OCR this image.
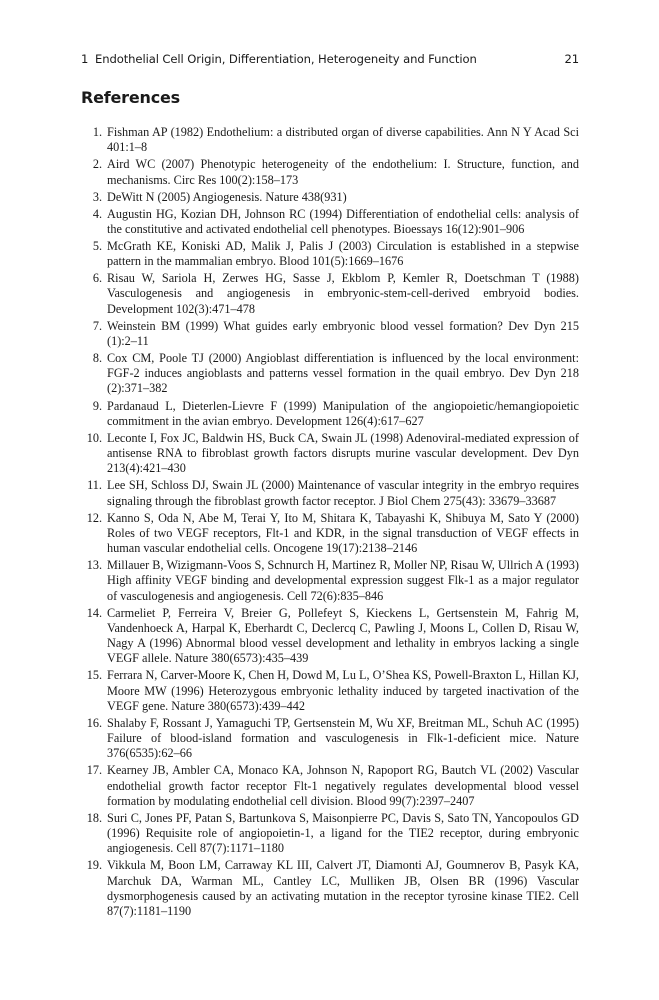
1 Endothelial Cell Origin, Differentiation, Heterogeneity and Function	21
References
1. Fishman AP (1982) Endothelium: a distributed organ of diverse capabilities. Ann N Y Acad Sci 401:1–8
2. Aird WC (2007) Phenotypic heterogeneity of the endothelium: I. Structure, function, and mechanisms. Circ Res 100(2):158–173
3. DeWitt N (2005) Angiogenesis. Nature 438(931)
4. Augustin HG, Kozian DH, Johnson RC (1994) Differentiation of endothelial cells: analysis of the constitutive and activated endothelial cell phenotypes. Bioessays 16(12):901–906
5. McGrath KE, Koniski AD, Malik J, Palis J (2003) Circulation is established in a stepwise pattern in the mammalian embryo. Blood 101(5):1669–1676
6. Risau W, Sariola H, Zerwes HG, Sasse J, Ekblom P, Kemler R, Doetschman T (1988) Vasculogenesis and angiogenesis in embryonic-stem-cell-derived embryoid bodies. Development 102(3):471–478
7. Weinstein BM (1999) What guides early embryonic blood vessel formation? Dev Dyn 215 (1):2–11
8. Cox CM, Poole TJ (2000) Angioblast differentiation is influenced by the local environment: FGF-2 induces angioblasts and patterns vessel formation in the quail embryo. Dev Dyn 218 (2):371–382
9. Pardanaud L, Dieterlen-Lievre F (1999) Manipulation of the angiopoietic/hemangiopoietic commitment in the avian embryo. Development 126(4):617–627
10. Leconte I, Fox JC, Baldwin HS, Buck CA, Swain JL (1998) Adenoviral-mediated expression of antisense RNA to fibroblast growth factors disrupts murine vascular development. Dev Dyn 213(4):421–430
11. Lee SH, Schloss DJ, Swain JL (2000) Maintenance of vascular integrity in the embryo requires signaling through the fibroblast growth factor receptor. J Biol Chem 275(43): 33679–33687
12. Kanno S, Oda N, Abe M, Terai Y, Ito M, Shitara K, Tabayashi K, Shibuya M, Sato Y (2000) Roles of two VEGF receptors, Flt-1 and KDR, in the signal transduction of VEGF effects in human vascular endothelial cells. Oncogene 19(17):2138–2146
13. Millauer B, Wizigmann-Voos S, Schnurch H, Martinez R, Moller NP, Risau W, Ullrich A (1993) High affinity VEGF binding and developmental expression suggest Flk-1 as a major regulator of vasculogenesis and angiogenesis. Cell 72(6):835–846
14. Carmeliet P, Ferreira V, Breier G, Pollefeyt S, Kieckens L, Gertsenstein M, Fahrig M, Vandenhoeck A, Harpal K, Eberhardt C, Declercq C, Pawling J, Moons L, Collen D, Risau W, Nagy A (1996) Abnormal blood vessel development and lethality in embryos lacking a single VEGF allele. Nature 380(6573):435–439
15. Ferrara N, Carver-Moore K, Chen H, Dowd M, Lu L, O’Shea KS, Powell-Braxton L, Hillan KJ, Moore MW (1996) Heterozygous embryonic lethality induced by targeted inactivation of the VEGF gene. Nature 380(6573):439–442
16. Shalaby F, Rossant J, Yamaguchi TP, Gertsenstein M, Wu XF, Breitman ML, Schuh AC (1995) Failure of blood-island formation and vasculogenesis in Flk-1-deficient mice. Nature 376(6535):62–66
17. Kearney JB, Ambler CA, Monaco KA, Johnson N, Rapoport RG, Bautch VL (2002) Vascular endothelial growth factor receptor Flt-1 negatively regulates developmental blood vessel formation by modulating endothelial cell division. Blood 99(7):2397–2407
18. Suri C, Jones PF, Patan S, Bartunkova S, Maisonpierre PC, Davis S, Sato TN, Yancopoulos GD (1996) Requisite role of angiopoietin-1, a ligand for the TIE2 receptor, during embryonic angiogenesis. Cell 87(7):1171–1180
19. Vikkula M, Boon LM, Carraway KL III, Calvert JT, Diamonti AJ, Goumnerov B, Pasyk KA, Marchuk DA, Warman ML, Cantley LC, Mulliken JB, Olsen BR (1996) Vascular dysmorphogenesis caused by an activating mutation in the receptor tyrosine kinase TIE2. Cell 87(7):1181–1190
